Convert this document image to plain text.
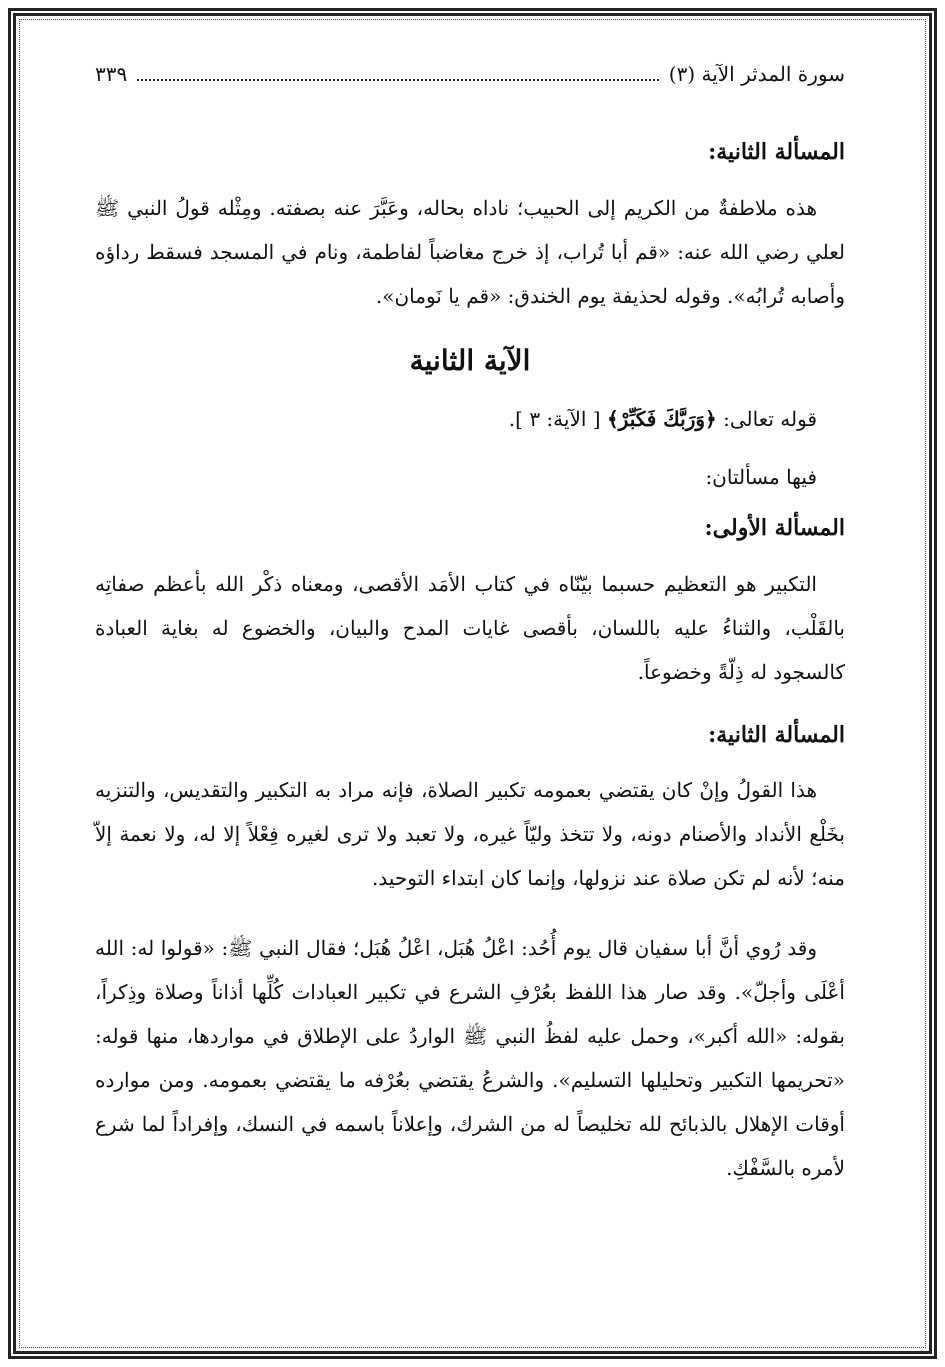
سورة المدثر الآية (٣)
٣٣٩
المسألة الثانية:

هذه ملاطفةٌ من الكريم إلى الحبيب؛ ناداه بحاله، وعَبَّرَ عنه بصفته. ومِثْله قولُ النبي ﷺ لعلي رضي الله عنه: «قم أبا تُراب، إذ خرج مغاضباً لفاطمة، ونام في المسجد فسقط رداؤه وأصابه تُرابُه». وقوله لحذيفة يوم الخندق: «قم يا نَومان».

الآية الثانية

قوله تعالى: ﴿وَرَبَّكَ فَكَبِّرْ﴾ [ الآية: ٣ ].

فيها مسألتان:

المسألة الأولى:

التكبير هو التعظيم حسبما بيّنّاه في كتاب الأمَد الأقصى، ومعناه ذكْر الله بأعظم صفاتِه بالقَلْب، والثناءُ عليه باللسان، بأقصى غايات المدح والبيان، والخضوع له بغاية العبادة كالسجود له ذِلّةً وخضوعاً.

المسألة الثانية:

هذا القولُ وإنْ كان يقتضي بعمومه تكبير الصلاة، فإنه مراد به التكبير والتقديس، والتنزيه بخَلْع الأنداد والأصنام دونه، ولا تتخذ وليّاً غيره، ولا تعبد ولا ترى لغيره فِعْلاً إلا له، ولا نعمة إلاّ منه؛ لأنه لم تكن صلاة عند نزولها، وإنما كان ابتداء التوحيد.

وقد رُوي أنَّ أبا سفيان قال يوم أُحُد: اعْلُ هُبَل، اعْلُ هُبَل؛ فقال النبي ﷺ: «قولوا له: الله أعْلَى وأجلّ». وقد صار هذا اللفظ بعُرْفِ الشرع في تكبير العبادات كُلِّها أذاناً وصلاة وذِكراً، بقوله: «الله أكبر»، وحمل عليه لفظُ النبي ﷺ الواردُ على الإطلاق في مواردها، منها قوله: «تحريمها التكبير وتحليلها التسليم». والشرعُ يقتضي بعُرْفه ما يقتضي بعمومه. ومن موارده أوقات الإهلال بالذبائح لله تخليصاً له من الشرك، وإعلاناً باسمه في النسك، وإفراداً لما شرع لأمره بالسَّفْكِ.
